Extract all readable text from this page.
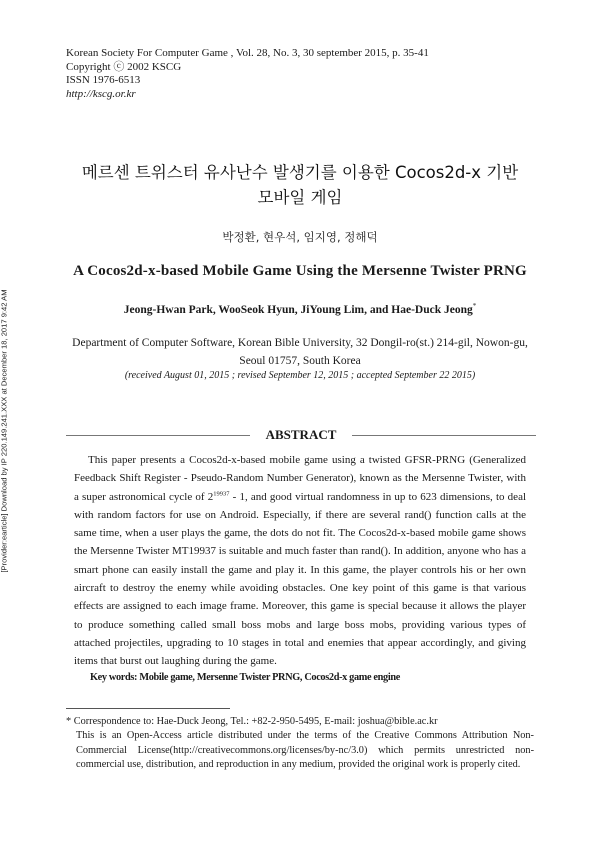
Korean Society For Computer Game , Vol. 28, No. 3, 30 september 2015, p. 35-41
Copyright ⓒ 2002 KSCG
ISSN 1976-6513
http://kscg.or.kr
[Provider:earticle] Download by IP 220.149.241.XXX at December 18, 2017 9:42 AM
메르센 트위스터 유사난수 발생기를 이용한 Cocos2d-x 기반
모바일 게임
박정환, 현우석, 임지영, 정해덕
A Cocos2d-x-based Mobile Game Using the Mersenne Twister PRNG
Jeong-Hwan Park, WooSeok Hyun, JiYoung Lim, and Hae-Duck Jeong*
Department of Computer Software, Korean Bible University, 32 Dongil-ro(st.) 214-gil, Nowon-gu,
Seoul 01757, South Korea
(received August 01, 2015 ; revised September 12, 2015 ; accepted September 22 2015)
ABSTRACT

This paper presents a Cocos2d-x-based mobile game using a twisted GFSR-PRNG (Generalized Feedback Shift Register - Pseudo-Random Number Generator), known as the Mersenne Twister, with a super astronomical cycle of $2^{19937} - 1$, and good virtual randomness in up to 623 dimensions, to deal with random factors for use on Android. Especially, if there are several rand() function calls at the same time, when a user plays the game, the dots do not fit. The Cocos2d-x-based mobile game shows the Mersenne Twister MT19937 is suitable and much faster than rand(). In addition, anyone who has a smart phone can easily install the game and play it. In this game, the player controls his or her own aircraft to destroy the enemy while avoiding obstacles. One key point of this game is that various effects are assigned to each image frame. Moreover, this game is special because it allows the player to produce something called small boss mobs and large boss mobs, providing various types of attached projectiles, upgrading to 10 stages in total and enemies that appear accordingly, and giving items that burst out laughing during the game.

Key words: Mobile game, Mersenne Twister PRNG, Cocos2d-x game engine

* Correspondence to: Hae-Duck Jeong, Tel.: +82-2-950-5495, E-mail: joshua@bible.ac.kr

This is an Open-Access article distributed under the terms of the Creative Commons Attribution Non-Commercial License(http://creativecommons.org/licenses/by-nc/3.0) which permits unrestricted non-commercial use, distribution, and reproduction in any medium, provided the original work is properly cited.
